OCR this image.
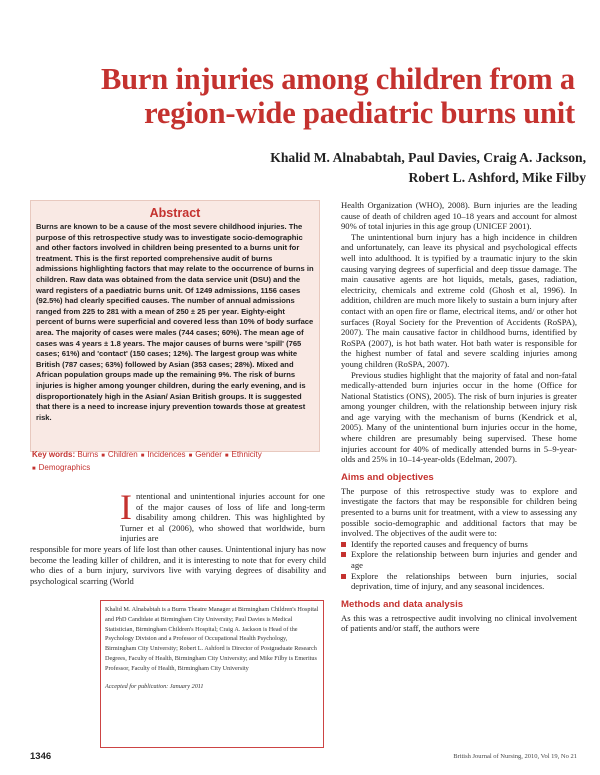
Burn injuries among children from a region-wide paediatric burns unit
Khalid M. Alnababtah, Paul Davies, Craig A. Jackson,
Robert L. Ashford, Mike Filby
Abstract
Burns are known to be a cause of the most severe childhood injuries. The purpose of this retrospective study was to investigate socio-demographic and other factors involved in children being presented to a burns unit for treatment. This is the first reported comprehensive audit of burns admissions highlighting factors that may relate to the occurrence of burns in children. Raw data was obtained from the data service unit (DSU) and the ward registers of a paediatric burns unit. Of 1249 admissions, 1156 cases (92.5%) had clearly specified causes. The number of annual admissions ranged from 225 to 281 with a mean of 250 ± 25 per year. Eighty-eight percent of burns were superficial and covered less than 10% of body surface area. The majority of cases were males (744 cases; 60%). The mean age of cases was 4 years ± 1.8 years. The major causes of burns were 'spill' (765 cases; 61%) and 'contact' (150 cases; 12%). The largest group was white British (787 cases; 63%) followed by Asian (353 cases; 28%). Mixed and African population groups made up the remaining 9%. The risk of burns injuries is higher among younger children, during the early evening, and is disproportionately high in the Asian/ Asian British groups. It is suggested that there is a need to increase injury prevention towards those at greatest risk.
Key words: Burns ■ Children ■ Incidences ■ Gender ■ Ethnicity
■ Demographics
Intentional and unintentional injuries account for one of the major causes of loss of life and long-term disability among children. This was highlighted by Turner et al (2006), who showed that worldwide, burn injuries are
responsible for more years of life lost than other causes. Unintentional injury has now become the leading killer of children, and it is interesting to note that for every child who dies of a burn injury, survivors live with varying degrees of disability and psychological scarring (World
Khalid M. Alnababtah is a Burns Theatre Manager at Birmingham Children's Hospital and PhD Candidate at Birmingham City University; Paul Davies is Medical Statistician, Birmingham Children's Hospital; Craig A. Jackson is Head of the Psychology Division and a Professor of Occupational Health Psychology, Birmingham City University; Robert L. Ashford is Director of Postgraduate Research Degrees, Faculty of Health, Birmingham City University; and Mike Filby is Emeritus Professor, Faculty of Health, Birmingham City University
Accepted for publication: January 2011

Health Organization (WHO), 2008). Burn injuries are the leading cause of death of children aged 10–18 years and account for almost 90% of total injuries in this age group (UNICEF 2001).

The unintentional burn injury has a high incidence in children and unfortunately, can leave its physical and psychological effects well into adulthood. It is typified by a traumatic injury to the skin causing varying degrees of superficial and deep tissue damage. The main causative agents are hot liquids, metals, gases, radiation, electricity, chemicals and extreme cold (Ghosh et al, 1996). In addition, children are much more likely to sustain a burn injury after contact with an open fire or flame, electrical items, and/ or other hot surfaces (Royal Society for the Prevention of Accidents (RoSPA), 2007). The main causative factor in childhood burns, identified by RoSPA (2007), is hot bath water. Hot bath water is responsible for the highest number of fatal and severe scalding injuries among young children (RoSPA, 2007).

Previous studies highlight that the majority of fatal and non-fatal medically-attended burn injuries occur in the home (Office for National Statistics (ONS), 2005). The risk of burn injuries is greater among younger children, with the relationship between injury risk and age varying with the mechanism of burns (Kendrick et al, 2005). Many of the unintentional burn injuries occur in the home, where children are presumably being supervised. These home injuries account for 40% of medically attended burns in 5–9-year-olds and 25% in 10–14-year-olds (Edelman, 2007).

Aims and objectives

The purpose of this retrospective study was to explore and investigate the factors that may be responsible for children being presented to a burns unit for treatment, with a view to assessing any possible socio-demographic and additional factors that may be involved. The objectives of the audit were to:

Identify the reported causes and frequency of burns
Explore the relationship between burn injuries and gender and age
Explore the relationships between burn injuries, social deprivation, time of injury, and any seasonal incidences.
Methods and data analysis

As this was a retrospective audit involving no clinical involvement of patients and/or staff, the authors were

1346	British Journal of Nursing, 2010, Vol 19, No 21
